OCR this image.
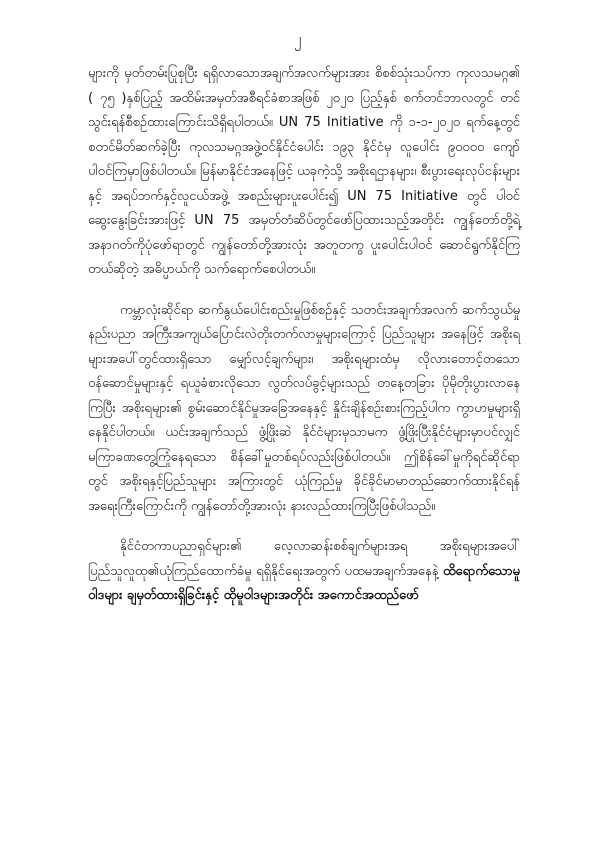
၂

များကို မှတ်တမ်းပြုစုပြီး ရရှိလာသောအချက်အလက်များအား စိစစ်သုံးသပ်ကာ ကုလသမဂ္ဂ၏ ( ၇၅ )နှစ်ပြည့် အထိမ်းအမှတ်အစီရင်ခံစာအဖြစ် ၂၀၂၀ ပြည့်နှစ် စက်တင်ဘာလတွင် တင်သွင်းရန်စီစဉ်ထားကြောင်းသိရှိရပါတယ်။ UN 75 Initiative ကို ၁-၁-၂၀၂၀ ရက်နေ့တွင် စတင်မိတ်ဆက်ခဲ့ပြီး ကုလသမဂ္ဂအဖွဲ့ဝင်နိုင်ငံပေါင်း ၁၉၃ နိုင်ငံမှ လူပေါင်း ၉၀၀၀၀ ကျော် ပါဝင်ကြမှာဖြစ်ပါတယ်။ မြန်မာနိုင်ငံအနေဖြင့် ယခုကဲ့သို့ အစိုးရဌာနများ၊ စီးပွားရေးလုပ်ငန်းများနှင့် အရပ်ဘက်နှင့်လူငယ်အဖွဲ့ အစည်းများပူးပေါင်း၍ UN 75 Initiative တွင် ပါဝင်ဆွေးနွေးခြင်းအားဖြင့် UN 75 အမှတ်တံဆိပ်တွင်ဖော်ပြထားသည့်အတိုင်း ကျွန်တော်တို့ရဲ့အနာဂတ်ကိုပုံဖော်ရာတွင် ကျွန်တော်တို့အားလုံး အတူတကွ ပူးပေါင်းပါဝင် ဆောင်ရွက်နိုင်ကြတယ်ဆိုတဲ့ အဓိပ္ပာယ်ကို သက်ရောက်စေပါတယ်။

ကမ္ဘာလုံးဆိုင်ရာ ဆက်နွယ်ပေါင်းစည်းမှုဖြစ်စဉ်နှင့် သတင်းအချက်အလက် ဆက်သွယ်မှုနည်းပညာ အကြီးအကျယ်ပြောင်းလဲတိုးတက်လာမှုများကြောင့် ပြည်သူများ အနေဖြင့် အစိုးရများအပေါ်တွင်ထားရှိသော မျှော်လင့်ချက်များ၊ အစိုးရများထံမှ လိုလားတောင့်တသောဝန်ဆောင်မှုများနှင့် ရယူခံစားလိုသော လွတ်လပ်ခွင့်များသည် တနေ့တခြား ပိုမိုတိုးပွားလာနေကြပြီး အစိုးရများ၏ စွမ်းဆောင်နိုင်မှုအခြေအနေနှင့် နှိုင်းချိန်စဉ်းစားကြည့်ပါက ကွာဟမှုများရှိနေနိုင်ပါတယ်။ ယင်းအချက်သည် ဖွံ့ဖြိုးဆဲ နိုင်ငံများမှသာမက ဖွံ့ဖြိုးပြီးနိုင်ငံများမှာပင်လျှင် မကြာခဏတွေ့ကြုံနေရသော စိန်ခေါ်မှုတစ်ရပ်လည်းဖြစ်ပါတယ်။ ဤစိန်ခေါ်မှုကိုရင်ဆိုင်ရာတွင် အစိုးရနှင့်ပြည်သူများ အကြားတွင် ယုံကြည်မှု ခိုင်ခိုင်မာမာတည်ဆောက်ထားနိုင်ရန် အရေးကြီးကြောင်းကို ကျွန်တော်တို့အားလုံး နားလည်ထားကြပြီးဖြစ်ပါသည်။

နိုင်ငံတကာပညာရှင်များ၏ လေ့လာဆန်းစစ်ချက်များအရ အစိုးရများအပေါ် ပြည်သူလူထု၏ယုံကြည်ထောက်ခံမှု ရရှိနိုင်ရေးအတွက် ပထမအချက်အနေနဲ့ ထိရောက်သောမူဝါဒများ ချမှတ်ထားရှိခြင်းနှင့် ထိုမူဝါဒများအတိုင်း အကောင်အထည်ဖော်
